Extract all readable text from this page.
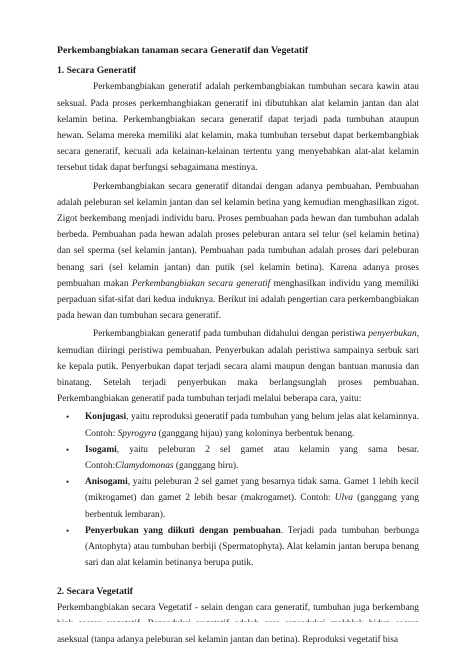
Perkembangbiakan tanaman secara Generatif dan Vegetatif
1. Secara Generatif

Perkembangbiakan generatif adalah perkembangbiakan tumbuhan secara kawin atau seksual. Pada proses perkembangbiakan generatif ini dibutuhkan alat kelamin jantan dan alat kelamin betina. Perkembangbiakan secara generatif dapat terjadi pada tumbuhan ataupun hewan. Selama mereka memiliki alat kelamin, maka tumbuhan tersebut dapat berkembangbiak secara generatif, kecuali ada kelainan-kelainan tertentu yang menyebabkan alat-alat kelamin tersebut tidak dapat berfungsi sebagaimana mestinya.

Perkembangbiakan secara generatif ditandai dengan adanya pembuahan. Pembuahan adalah peleburan sel kelamin jantan dan sel kelamin betina yang kemudian menghasilkan zigot. Zigot berkembang menjadi individu baru. Proses pembuahan pada hewan dan tumbuhan adalah berbeda. Pembuahan pada hewan adalah proses peleburan antara sel telur (sel kelamin betina) dan sel sperma (sel kelamin jantan). Pembuahan pada tumbuhan adalah proses dari peleburan benang sari (sel kelamin jantan) dan putik (sel kelamin betina). Karena adanya proses pembuahan makan Perkembangbiakan secara generatif menghasilkan individu yang memiliki perpaduan sifat-sifat dari kedua induknya. Berikut ini adalah pengertian cara perkembangbiakan pada hewan dan tumbuhan secara generatif.

Perkembangbiakan generatif pada tumbuhan didahului dengan peristiwa penyerbukan, kemudian diiringi peristiwa pembuahan. Penyerbukan adalah peristiwa sampainya serbuk sari ke kepala putik. Penyerbukan dapat terjadi secara alami maupun dengan bantuan manusia dan binatang. Setelah terjadi penyerbukan maka berlangsunglah proses pembuahan. Perkembangbiakan generatif pada tumbuhan terjadi melalui beberapa cara, yaitu:

• Konjugasi, yaitu reproduksi generatif pada tumbuhan yang belum jelas alat kelaminnya. Contoh: Spyrogyra (ganggang hijau) yang koloninya berbentuk benang.
• Isogami, yaitu peleburan 2 sel gamet atau kelamin yang sama besar. Contoh:Clamydomonas (ganggang biru).
• Anisogami, yaitu peleburan 2 sel gamet yang besarnya tidak sama. Gamet 1 lebih kecil (mikrogamet) dan gamet 2 lebih besar (makrogamet). Contoh: Ulva (ganggang yang berbentuk lembaran).
• Penyerbukan yang diikuti dengan pembuahan. Terjadi pada tumbuhan berbunga (Antophyta) atau tumbuhan berbiji (Spermatophyta). Alat kelamin jantan berupa benang sari dan alat kelamin betinanya berupa putik.
2. Secara Vegetatif

Perkembangbiakan secara Vegetatif - selain dengan cara generatif, tumbuhan juga berkembang aseksual (tanpa adanya peleburan sel kelamin jantan dan betina). Reproduksi vegetatif bisa
